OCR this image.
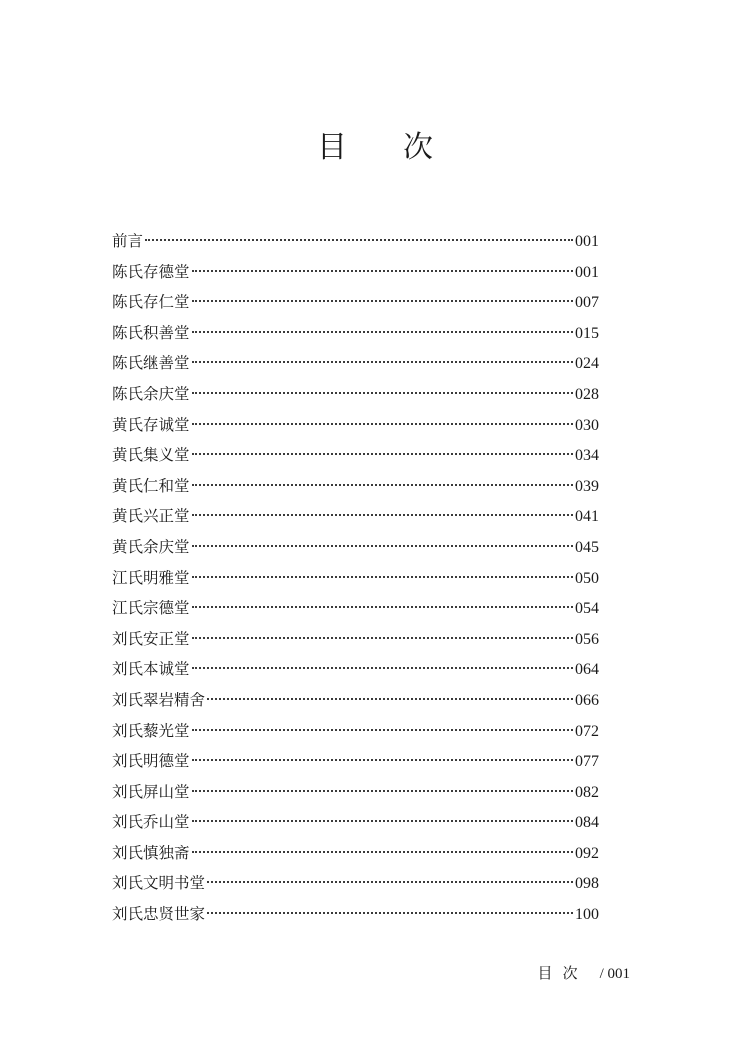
目 次
前言	001
陈氏存德堂	001
陈氏存仁堂	007
陈氏积善堂	015
陈氏继善堂	024
陈氏余庆堂	028
黄氏存诚堂	030
黄氏集义堂	034
黄氏仁和堂	039
黄氏兴正堂	041
黄氏余庆堂	045
江氏明雅堂	050
江氏宗德堂	054
刘氏安正堂	056
刘氏本诚堂	064
刘氏翠岩精舍	066
刘氏藜光堂	072
刘氏明德堂	077
刘氏屏山堂	082
刘氏乔山堂	084
刘氏慎独斋	092
刘氏文明书堂	098
刘氏忠贤世家	100
目 次 / 001
